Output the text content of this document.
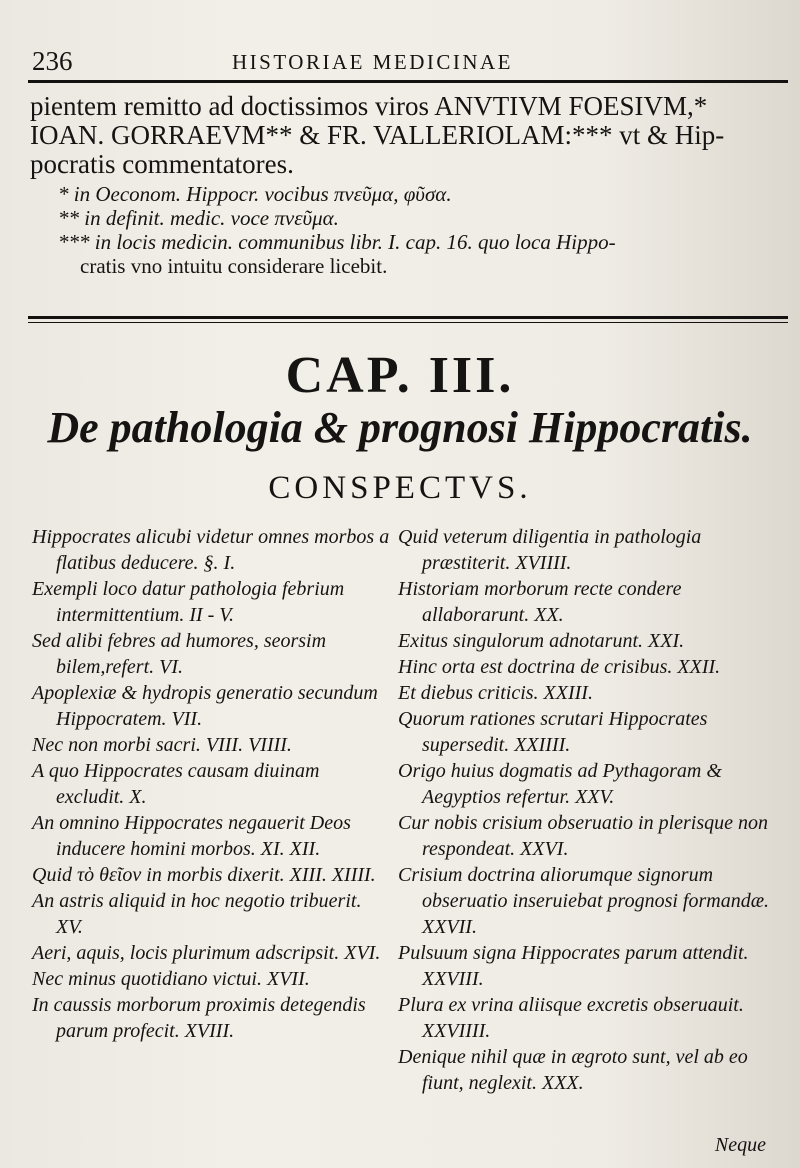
236	HISTORIAE MEDICINAE
pientem remitto ad doctissimos viros ANVTIVM FOESIVM,*
IOAN. GORRAEVM** & FR. VALLERIOLAM:*** vt & Hip-
pocratis commentatores.
* in Oeconom. Hippocr. vocibus πνεῦμα, φῦσα.
** in definit. medic. voce πνεῦμα.
*** in locis medicin. communibus libr. I. cap. 16. quo loca Hippo-
cratis vno intuitu considerare licebit.
CAP. III.
De pathologia & prognosi Hippocratis.
CONSPECTVS.

Hippocrates alicubi videtur omnes morbos a flatibus deducere. §. I.

Exempli loco datur pathologia febrium intermittentium. II - V.

Sed alibi febres ad humores, seorsim bilem,refert. VI.

Apoplexiæ & hydropis generatio secundum Hippocratem. VII.

Nec non morbi sacri. VIII. VIIII.

A quo Hippocrates causam diuinam excludit. X.

An omnino Hippocrates negauerit Deos inducere homini morbos. XI. XII.

Quid τὸ θεῖον in morbis dixerit. XIII. XIIII.

An astris aliquid in hoc negotio tribuerit. XV.

Aeri, aquis, locis plurimum adscripsit. XVI.

Nec minus quotidiano victui. XVII.

In caussis morborum proximis detegendis parum profecit. XVIII.

Quid veterum diligentia in pathologia præstiterit. XVIIII.

Historiam morborum recte condere allaborarunt. XX.

Exitus singulorum adnotarunt. XXI.

Hinc orta est doctrina de crisibus. XXII.

Et diebus criticis. XXIII.

Quorum rationes scrutari Hippocrates supersedit. XXIIII.

Origo huius dogmatis ad Pythagoram & Aegyptios refertur. XXV.

Cur nobis crisium obseruatio in plerisque non respondeat. XXVI.

Crisium doctrina aliorumque signorum obseruatio inseruiebat prognosi formandæ. XXVII.

Pulsuum signa Hippocrates parum attendit. XXVIII.

Plura ex vrina aliisque excretis obseruauit. XXVIIII.

Denique nihil quæ in ægroto sunt, vel ab eo fiunt, neglexit. XXX.

Neque
